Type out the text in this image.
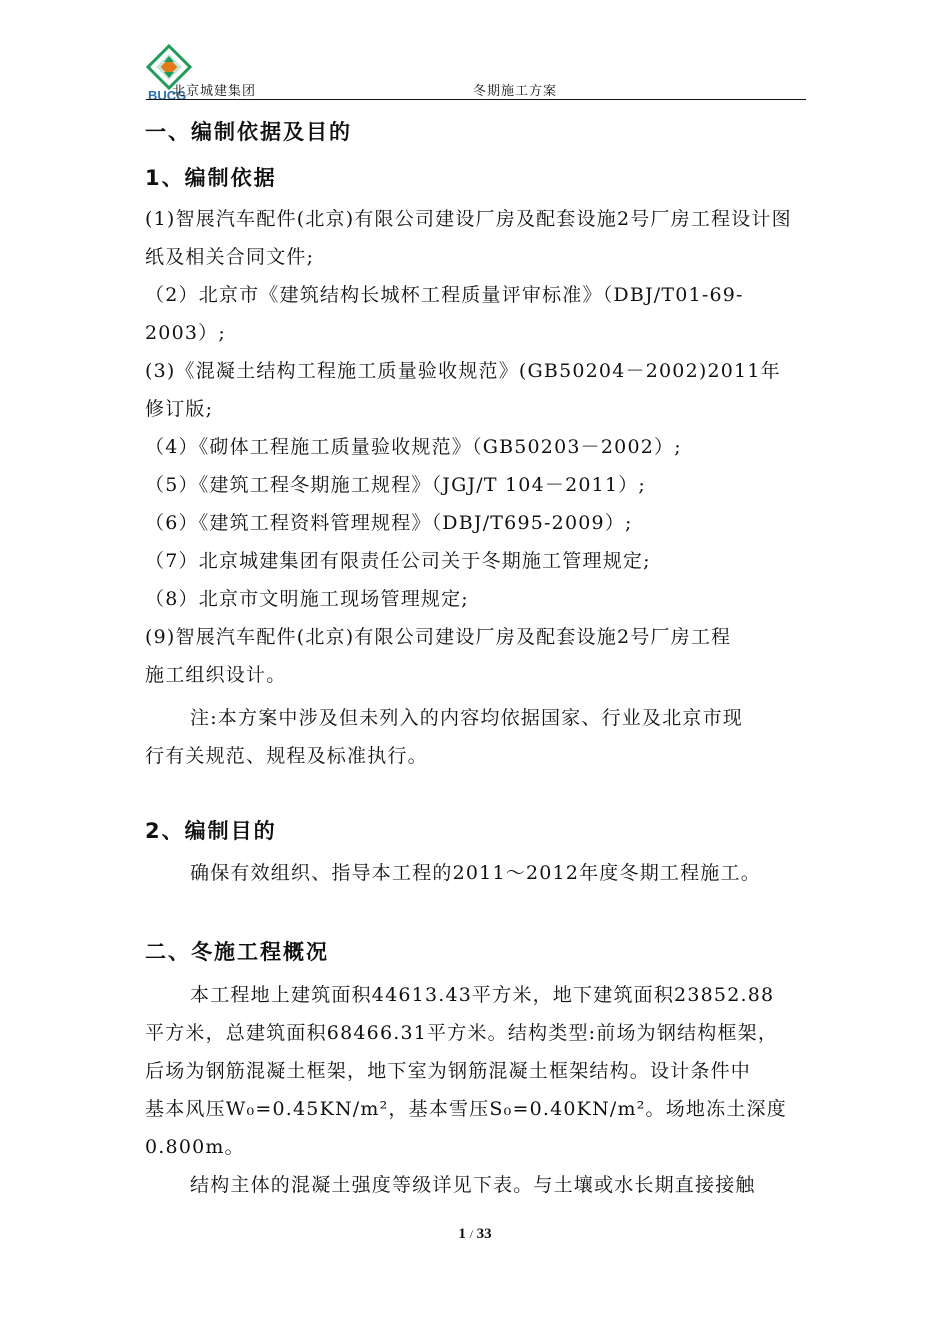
BUCG
北京城建集团	冬期施工方案
一、编制依据及目的
1、编制依据
(1)智展汽车配件(北京)有限公司建设厂房及配套设施2号厂房工程设计图
纸及相关合同文件;
（2）北京市《建筑结构长城杯工程质量评审标准》（DBJ/T01-69-
2003）;
(3)《混凝土结构工程施工质量验收规范》(GB50204－2002)2011年
修订版;
（4）《砌体工程施工质量验收规范》（GB50203－2002）;
（5）《建筑工程冬期施工规程》（JGJ/T 104－2011）;
（6）《建筑工程资料管理规程》（DBJ/T695-2009）;
（7）北京城建集团有限责任公司关于冬期施工管理规定;
（8）北京市文明施工现场管理规定;
(9)智展汽车配件(北京)有限公司建设厂房及配套设施2号厂房工程
施工组织设计。
注:本方案中涉及但未列入的内容均依据国家、行业及北京市现
行有关规范、规程及标准执行。
2、编制目的
确保有效组织、指导本工程的2011～2012年度冬期工程施工。
二、冬施工程概况
本工程地上建筑面积44613.43平方米，地下建筑面积23852.88
平方米，总建筑面积68466.31平方米。结构类型:前场为钢结构框架，
后场为钢筋混凝土框架，地下室为钢筋混凝土框架结构。设计条件中
基本风压W₀=0.45KN/m²，基本雪压S₀=0.40KN/m²。场地冻土深度
0.800m。
结构主体的混凝土强度等级详见下表。与土壤或水长期直接接触
1 / 33
